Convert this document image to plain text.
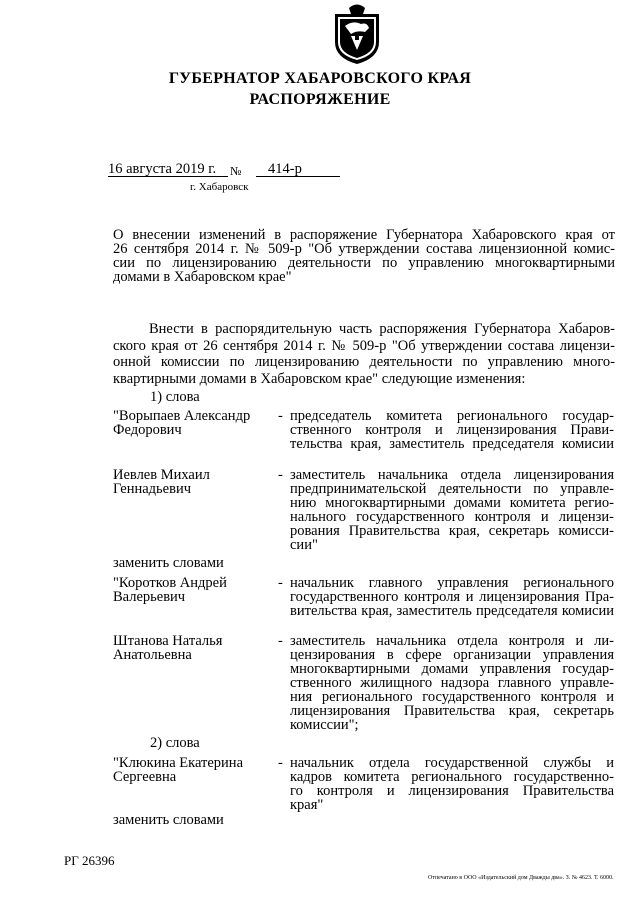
ГУБЕРНАТОР ХАБАРОВСКОГО КРАЯ
РАСПОРЯЖЕНИЕ
16 августа 2019 г.	№	414-р
г. Хабаровск
О внесении изменений в распоряжение Губернатора Хабаровского края от
26 сентября 2014 г. № 509-р "Об утверждении состава лицензионной комис-
сии по лицензированию деятельности по управлению многоквартирными
домами в Хабаровском крае"
Внести в распорядительную часть распоряжения Губернатора Хабаров-
ского края от 26 сентября 2014 г. № 509-р "Об утверждении состава лицензи-
онной комиссии по лицензированию деятельности по управлению много-
квартирными домами в Хабаровском крае" следующие изменения:
1) слова
"Ворыпаев Александр
Федорович
- председатель комитета регионального государ-
ственного контроля и лицензирования Прави-
тельства края, заместитель председателя комисии
Иевлев Михаил
Геннадьевич
- заместитель начальника отдела лицензирования
предпринимательской деятельности по управле-
нию многоквартирными домами комитета регио-
нального государственного контроля и лицензи-
рования Правительства края, секретарь комисси-
сии"
заменить словами
"Коротков Андрей
Валерьевич
- начальник главного управления регионального
государственного контроля и лицензирования Пра-
вительства края, заместитель председателя комисии
Штанова Наталья
Анатольевна
- заместитель начальника отдела контроля и ли-
цензирования в сфере организации управления
многоквартирными домами управления государ-
ственного жилищного надзора главного управле-
ния регионального государственного контроля и
лицензирования Правительства края, секретарь
комиссии";
2) слова
"Клюкина Екатерина
Сергеевна
- начальник отдела государственной службы и
кадров комитета регионального государственно-
го контроля и лицензирования Правительства
края"
заменить словами
РГ 26396
Отпечатано в ООО «Издательский дом Дважды два». З. № 4623. Т. 6000.
